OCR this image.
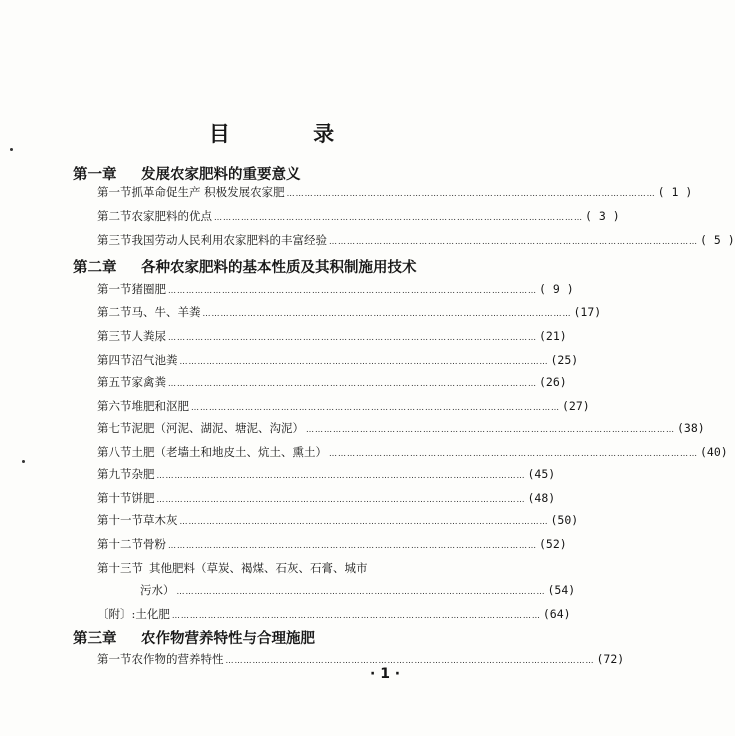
目 录
第一章	发展农家肥料的重要意义
第一节 抓革命促生产 积极发展农家肥 …………………………………………………………………………………………………………… ( 1 )
第二节 农家肥料的优点 …………………………………………………………………………………………………………… ( 3 )
第三节 我国劳动人民利用农家肥料的丰富经验 …………………………………………………………………………………………………………… ( 5 )
第二章	各种农家肥料的基本性质及其积制施用技术
第一节 猪圈肥 …………………………………………………………………………………………………………… ( 9 )
第二节 马、牛、羊粪 …………………………………………………………………………………………………………… (17)
第三节 人粪尿 …………………………………………………………………………………………………………… (21)
第四节 沼气池粪 …………………………………………………………………………………………………………… (25)
第五节 家禽粪 …………………………………………………………………………………………………………… (26)
第六节 堆肥和沤肥 …………………………………………………………………………………………………………… (27)
第七节 泥肥（河泥、湖泥、塘泥、沟泥） …………………………………………………………………………………………………………… (38)
第八节 土肥（老墙土和地皮土、炕土、熏土） …………………………………………………………………………………………………………… (40)
第九节 杂肥 …………………………………………………………………………………………………………… (45)
第十节 饼肥 …………………………………………………………………………………………………………… (48)
第十一节 草木灰 …………………………………………………………………………………………………………… (50)
第十二节 骨粉 …………………………………………………………………………………………………………… (52)
第十三节 其他肥料（草炭、褐煤、石灰、石膏、城市
污水） …………………………………………………………………………………………………………… (54)
〔附〕: 土化肥 …………………………………………………………………………………………………………… (64)
第三章	农作物营养特性与合理施肥
第一节 农作物的营养特性 …………………………………………………………………………………………………………… (72)
· 1 ·
